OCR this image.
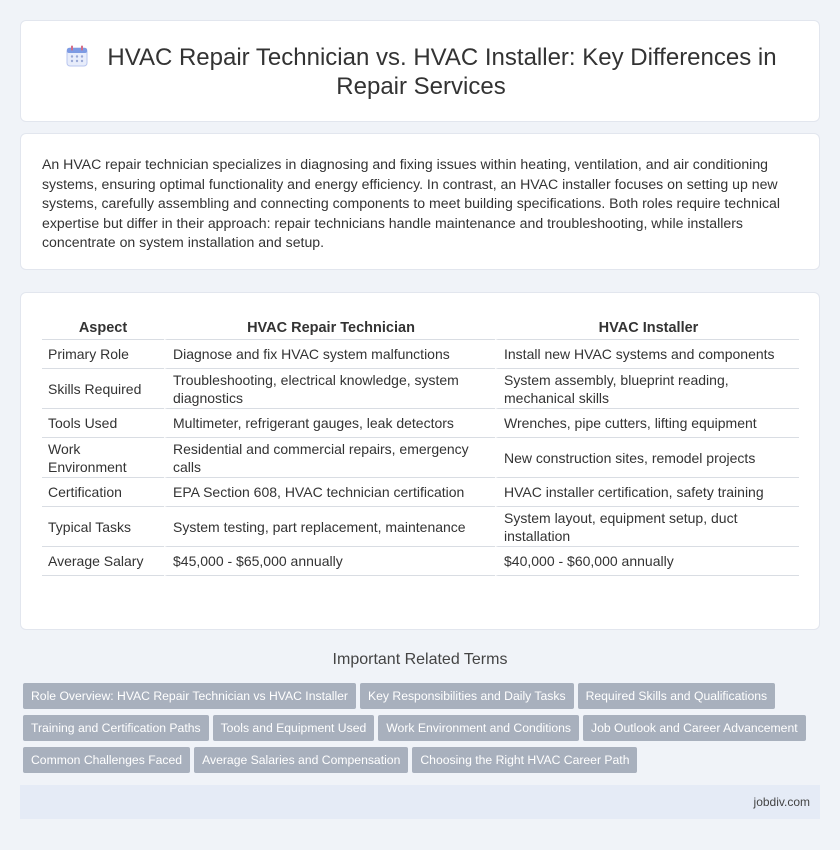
HVAC Repair Technician vs. HVAC Installer: Key Differences in
Repair Services

An HVAC repair technician specializes in diagnosing and fixing issues within heating, ventilation, and air conditioning systems, ensuring optimal functionality and energy efficiency. In contrast, an HVAC installer focuses on setting up new systems, carefully assembling and connecting components to meet building specifications. Both roles require technical expertise but differ in their approach: repair technicians handle maintenance and troubleshooting, while installers concentrate on system installation and setup.

Aspect	HVAC Repair Technician	HVAC Installer
Primary Role	Diagnose and fix HVAC system malfunctions	Install new HVAC systems and components
Skills Required	Troubleshooting, electrical knowledge, system diagnostics	System assembly, blueprint reading, mechanical skills
Tools Used	Multimeter, refrigerant gauges, leak detectors	Wrenches, pipe cutters, lifting equipment
Work Environment	Residential and commercial repairs, emergency calls	New construction sites, remodel projects
Certification	EPA Section 608, HVAC technician certification	HVAC installer certification, safety training
Typical Tasks	System testing, part replacement, maintenance	System layout, equipment setup, duct installation
Average Salary	$45,000 - $65,000 annually	$40,000 - $60,000 annually
Important Related Terms
Role Overview: HVAC Repair Technician vs HVAC Installer Key Responsibilities and Daily Tasks Required Skills and Qualifications
Training and Certification Paths Tools and Equipment Used Work Environment and Conditions Job Outlook and Career Advancement
Common Challenges Faced Average Salaries and Compensation Choosing the Right HVAC Career Path
jobdiv.com
